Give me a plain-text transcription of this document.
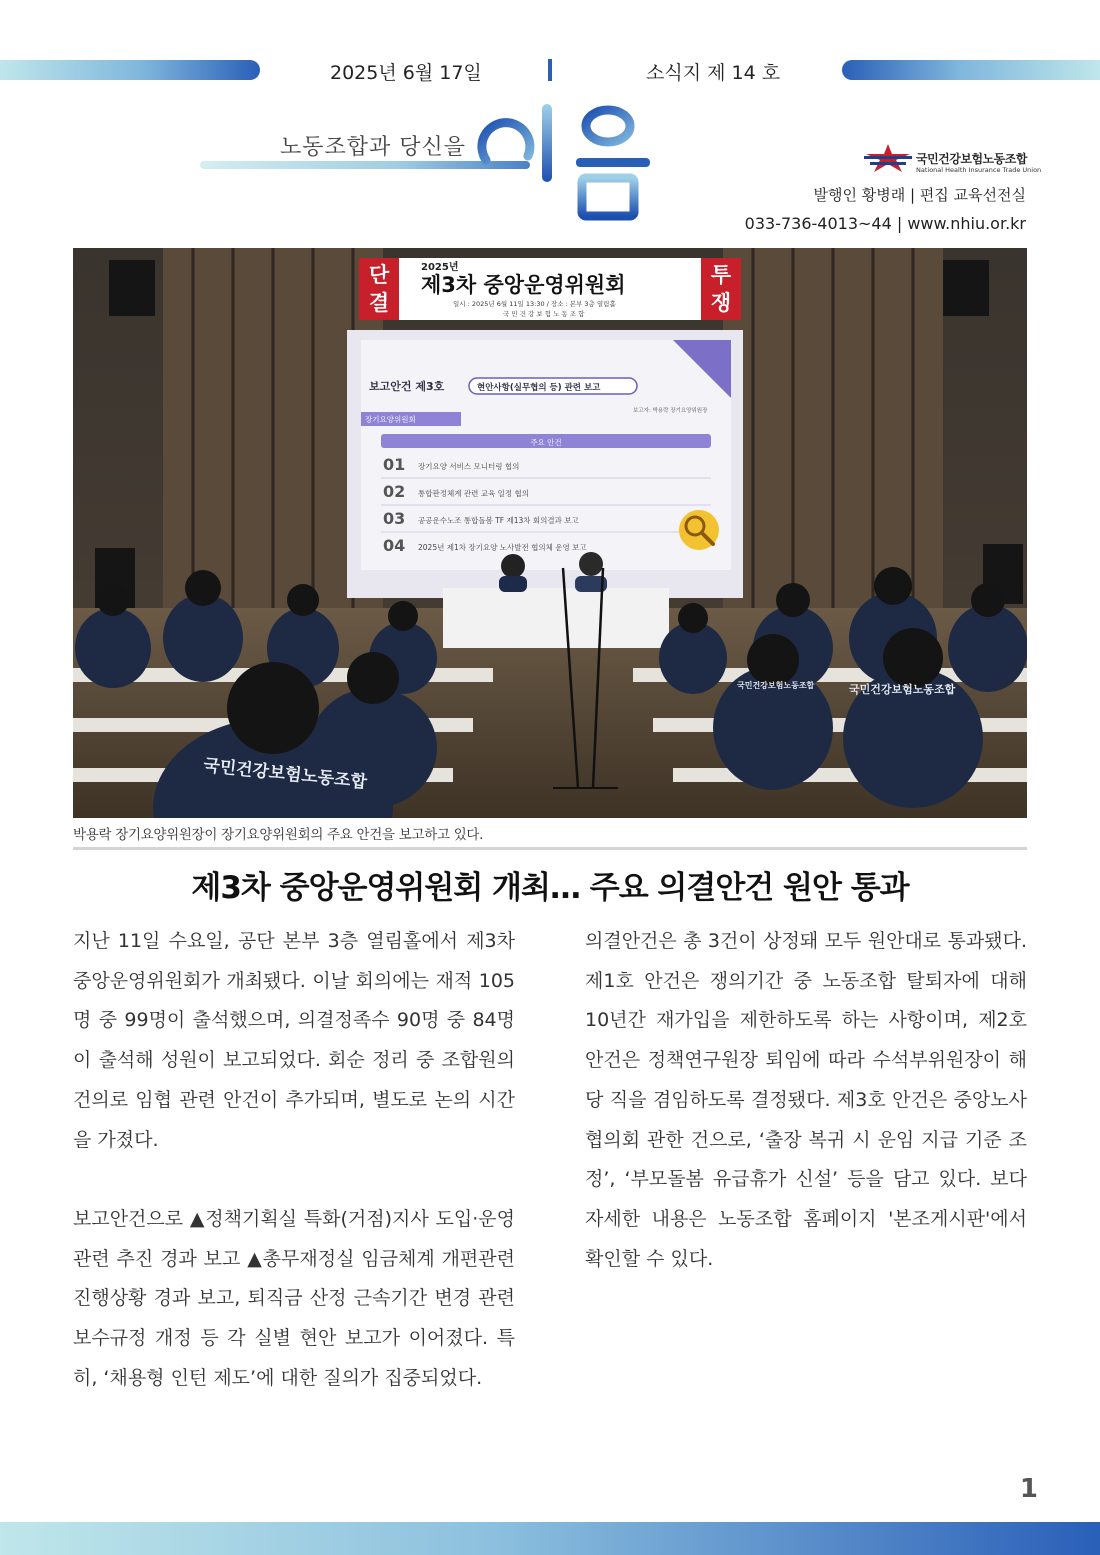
2025년 6월 17일	소식지 제 14 호
노동조합과 당신을	국민건강보험노동조합
National Health Insurance Trade Union
발행인 황병래 | 편집 교육선전실
033-736-4013~44 | www.nhiu.or.kr
단
결
투
쟁
2025년
제3차 중앙운영위원회
일시 : 2025년 6월 11일 13:30 / 장소 : 본부 3층 열림홀
국 민 건 강 보 험 노 동 조 합
보고안건 제3호	현안사항(실무협의 등) 관련 보고
보고자: 박용락 장기요양위원장
장기요양위원회
주요 안건
01 장기요양 서비스 모니터링 협의
02 통합판정체계 관련 교육 일정 협의
03 공공운수노조 통합돌봄 TF 제13차 회의결과 보고
04 2025년 제1차 장기요양 노사발전 협의체 운영 보고
국민건강보험노동조합
국민건강보험노동조합
국민건강보험노동조합
박용락 장기요양위원장이 장기요양위원회의 주요 안건을 보고하고 있다.
제3차 중앙운영위원회 개최… 주요 의결안건 원안 통과

지난 11일 수요일, 공단 본부 3층 열림홀에서 제3차 중앙운영위원회가 개최됐다. 이날 회의에는 재적 105명 중 99명이 출석했으며, 의결정족수 90명 중 84명이 출석해 성원이 보고되었다. 회순 정리 중 조합원의 건의로 임협 관련 안건이 추가되며, 별도로 논의 시간을 가졌다.

보고안건으로 ▲정책기획실 특화(거점)지사 도입·운영 관련 추진 경과 보고 ▲총무재정실 임금체계 개편관련 진행상황 경과 보고, 퇴직금 산정 근속기간 변경 관련 보수규정 개정 등 각 실별 현안 보고가 이어졌다. 특히, ‘채용형 인턴 제도’에 대한 질의가 집중되었다.

의결안건은 총 3건이 상정돼 모두 원안대로 통과됐다. 제1호 안건은 쟁의기간 중 노동조합 탈퇴자에 대해 10년간 재가입을 제한하도록 하는 사항이며, 제2호 안건은 정책연구원장 퇴임에 따라 수석부위원장이 해당 직을 겸임하도록 결정됐다. 제3호 안건은 중앙노사협의회 관한 건으로, ‘출장 복귀 시 운임 지급 기준 조정’, ‘부모돌봄 유급휴가 신설’ 등을 담고 있다. 보다 자세한 내용은 노동조합 홈페이지 '본조게시판'에서 확인할 수 있다.

1
